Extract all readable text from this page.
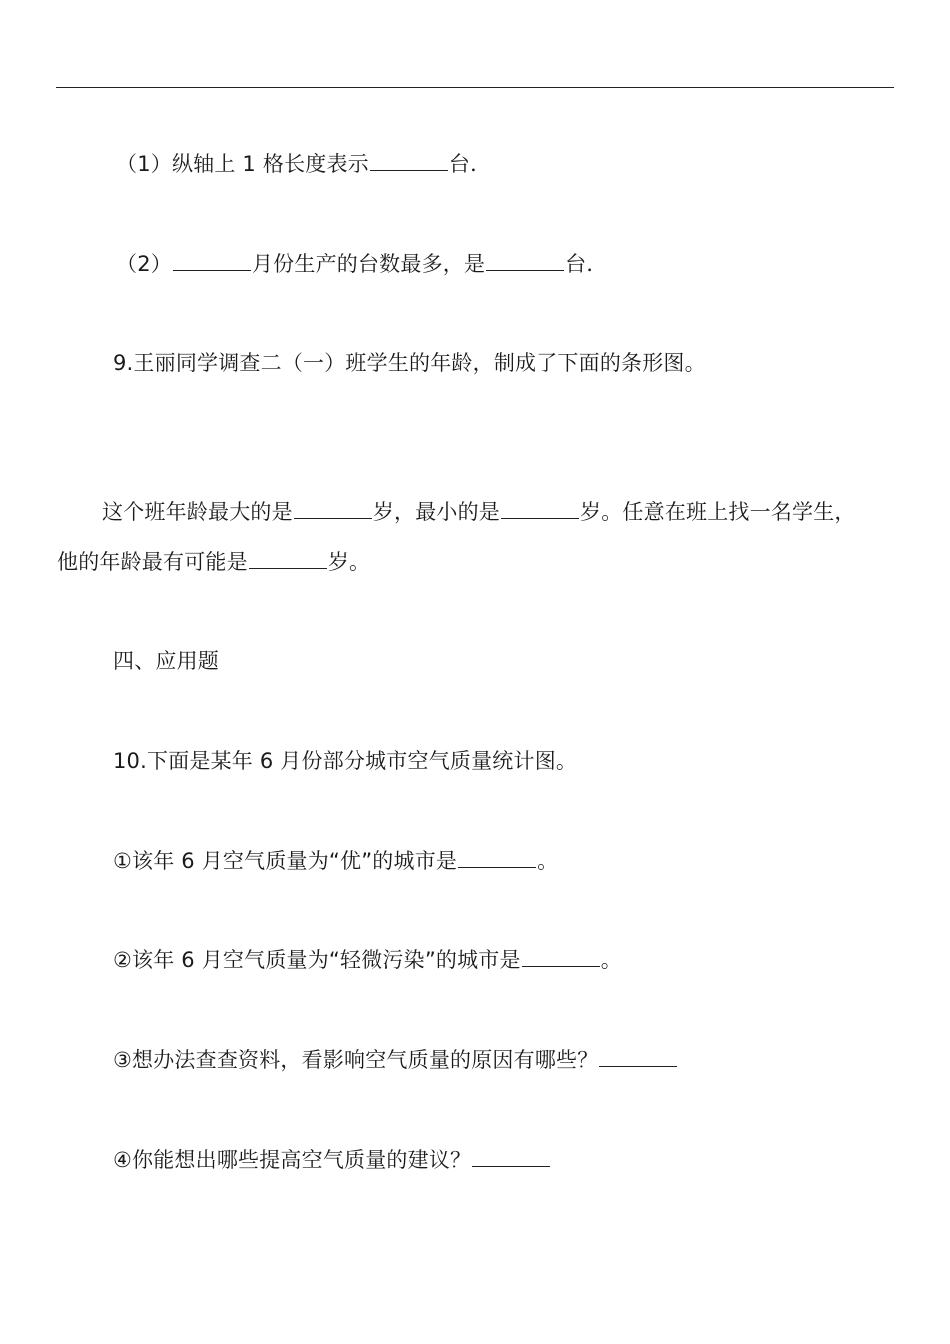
（1）纵轴上 1 格长度表示	台．
（2）	月份生产的台数最多，是	台．
9.王丽同学调查二（一）班学生的年龄，制成了下面的条形图。
这个班年龄最大的是	岁，最小的是	岁。任意在班上找一名学生，
他的年龄最有可能是	岁。
四、应用题
10.下面是某年 6 月份部分城市空气质量统计图。
①该年 6 月空气质量为“优”的城市是	。
②该年 6 月空气质量为“轻微污染”的城市是	。
③想办法查查资料，看影响空气质量的原因有哪些？
④你能想出哪些提高空气质量的建议？
